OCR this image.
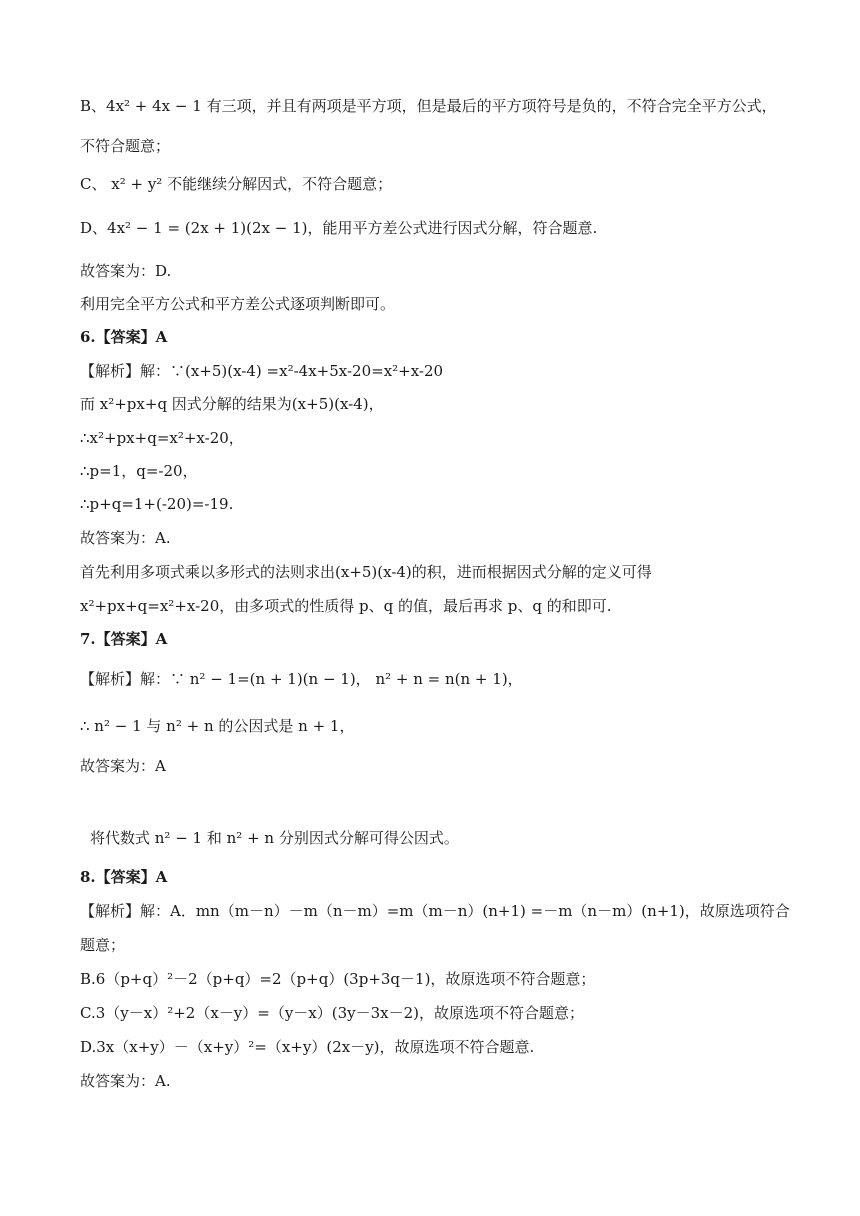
B、4x² + 4x − 1 有三项，并且有两项是平方项，但是最后的平方项符号是负的，不符合完全平方公式，
不符合题意；
C、 x² + y² 不能继续分解因式，不符合题意；
D、4x² − 1 = (2x + 1)(2x − 1)，能用平方差公式进行因式分解，符合题意.
故答案为：D.
利用完全平方公式和平方差公式逐项判断即可。
6.【答案】A
【解析】解：∵(x+5)(x-4) =x²-4x+5x-20=x²+x-20
而 x²+px+q 因式分解的结果为(x+5)(x-4)，
∴x²+px+q=x²+x-20，
∴p=1，q=-20，
∴p+q=1+(-20)=-19.
故答案为：A.
首先利用多项式乘以多形式的法则求出(x+5)(x-4)的积，进而根据因式分解的定义可得
x²+px+q=x²+x-20，由多项式的性质得 p、q 的值，最后再求 p、q 的和即可.
7.【答案】A
【解析】解：∵ n² − 1=(n + 1)(n − 1)， n² + n = n(n + 1)，
∴ n² − 1 与 n² + n 的公因式是 n + 1，
故答案为：A
将代数式 n² − 1 和 n² + n 分别因式分解可得公因式。
8.【答案】A
【解析】解：A．mn（m－n）－m（n－m）=m（m－n）(n+1) =－m（n－m）(n+1)，故原选项符合
题意；
B.6（p+q）²－2（p+q）=2（p+q）(3p+3q－1)，故原选项不符合题意；
C.3（y－x）²+2（x－y）=（y－x）(3y－3x－2)，故原选项不符合题意；
D.3x（x+y）－（x+y）²=（x+y）(2x－y)，故原选项不符合题意.
故答案为：A.
